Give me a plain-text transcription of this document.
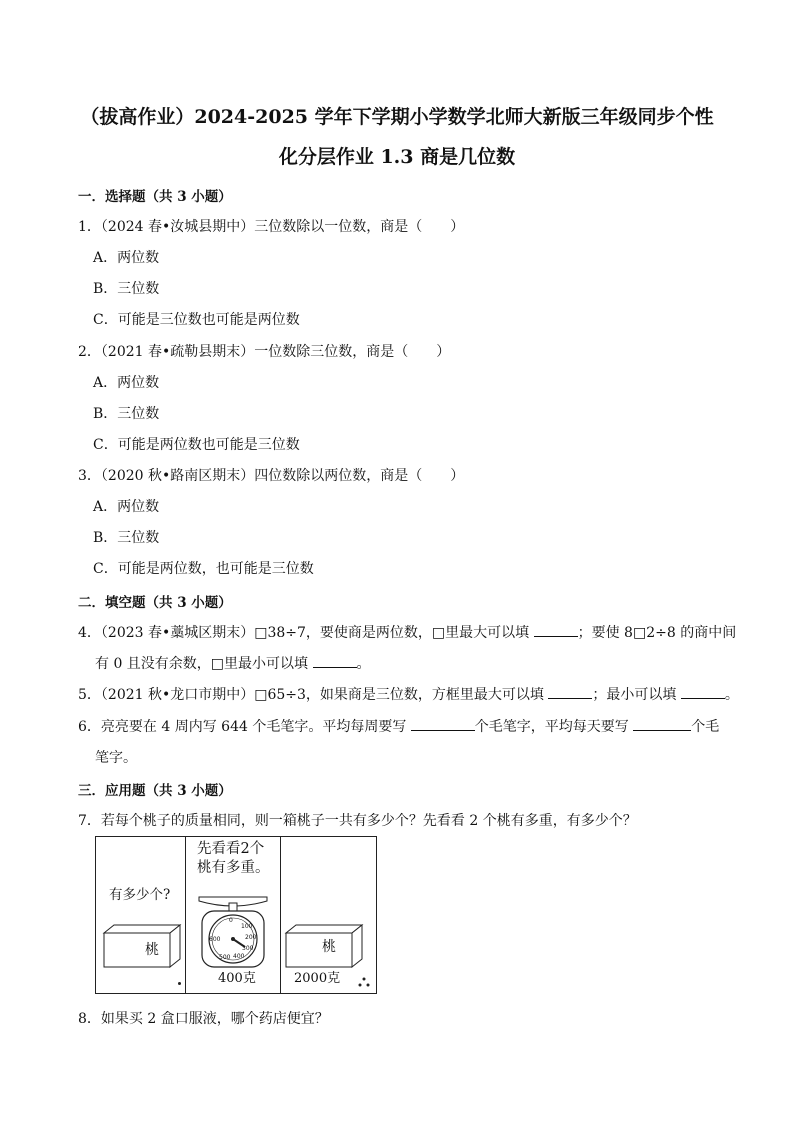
（拔高作业）2024-2025 学年下学期小学数学北师大新版三年级同步个性
化分层作业 1.3 商是几位数
一．选择题（共 3 小题）
1．（2024 春•汝城县期中）三位数除以一位数，商是（　　）
A．两位数
B．三位数
C．可能是三位数也可能是两位数
2．（2021 春•疏勒县期末）一位数除三位数，商是（　　）
A．两位数
B．三位数
C．可能是两位数也可能是三位数
3．（2020 秋•路南区期末）四位数除以两位数，商是（　　）
A．两位数
B．三位数
C．可能是两位数，也可能是三位数
二．填空题（共 3 小题）
4．（2023 春•藁城区期末）□38÷7，要使商是两位数，□里最大可以填	；要使 8□2÷8 的商中间
有 0 且没有余数，□里最小可以填	。
5．（2021 秋•龙口市期中）□65÷3，如果商是三位数，方框里最大可以填	；最小可以填	。
6．亮亮要在 4 周内写 644 个毛笔字。平均每周要写	个毛笔字，平均每天要写	个毛
笔字。
三．应用题（共 3 小题）
7．若每个桃子的质量相同，则一箱桃子一共有多少个？先看看 2 个桃有多重，有多少个？
有多少个?
桃
先看看2个
桃有多重。
0
100
200
300
400
500
600
400克
桃
2000克
8．如果买 2 盒口服液，哪个药店便宜？
